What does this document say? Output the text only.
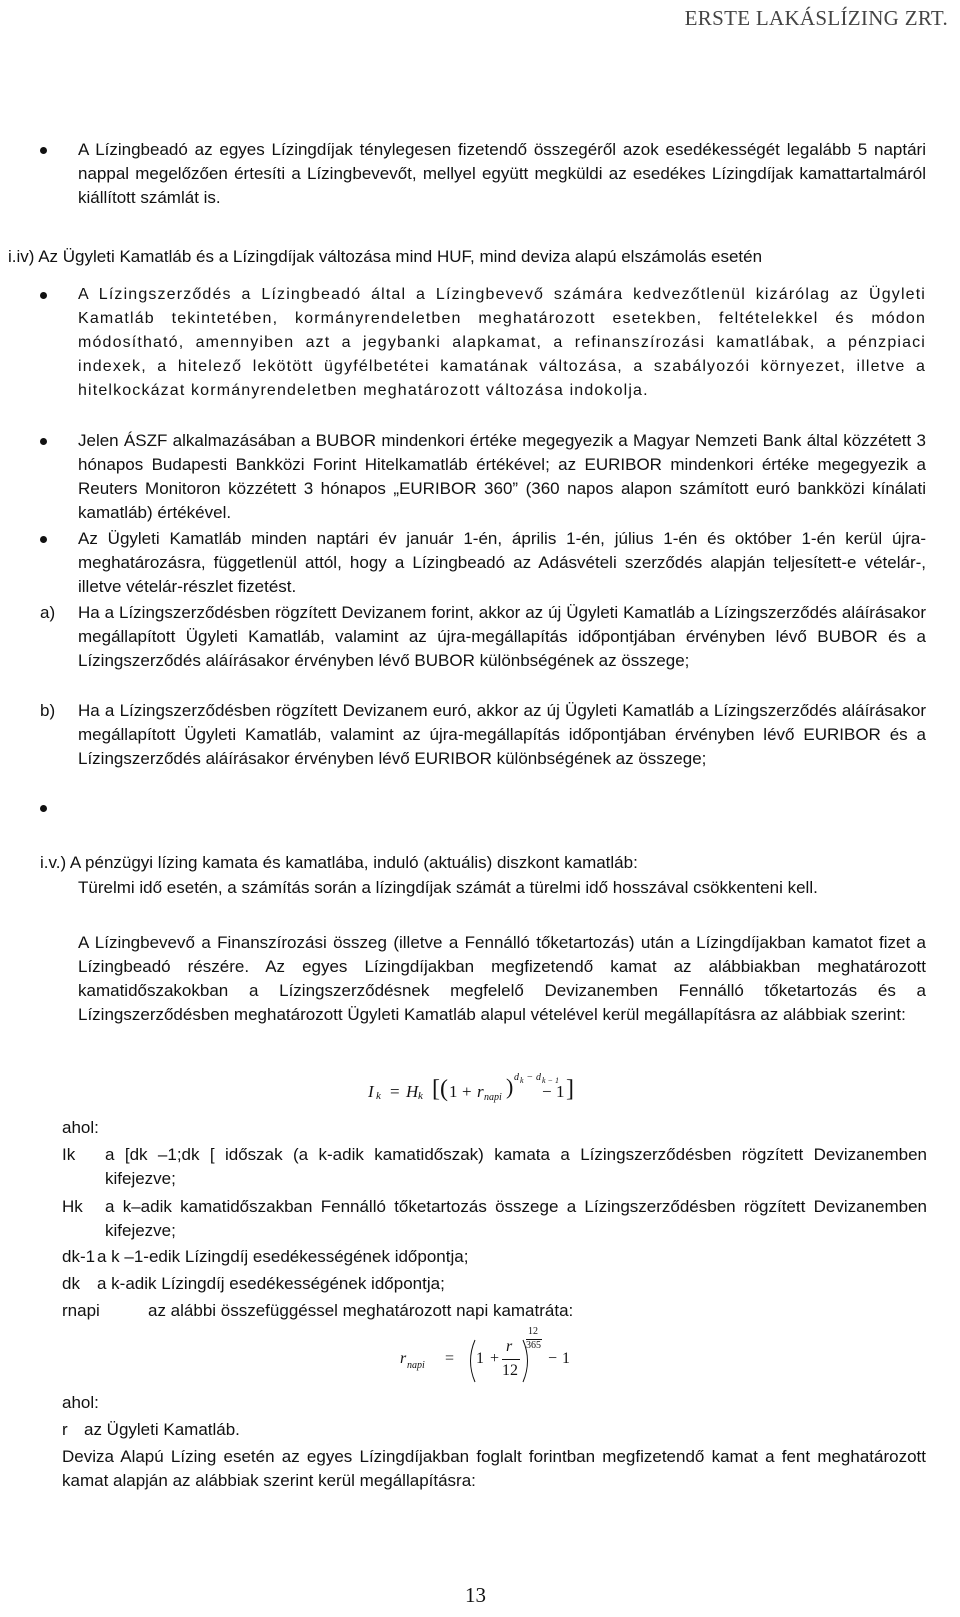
ERSTE LAKÁSLÍZING ZRT.
A Lízingbeadó az egyes Lízingdíjak ténylegesen fizetendő összegéről azok esedékességét legalább 5 naptári nappal megelőzően értesíti a Lízingbevevőt, mellyel együtt megküldi az esedékes Lízingdíjak kamattartalmáról kiállított számlát is.
i.iv) Az Ügyleti Kamatláb és a Lízingdíjak változása mind HUF, mind deviza alapú elszámolás esetén
A Lízingszerződés a Lízingbeadó által a Lízingbevevő számára kedvezőtlenül kizárólag az Ügyleti Kamatláb tekintetében, kormányrendeletben meghatározott esetekben, feltételekkel és módon módosítható, amennyiben azt a jegybanki alapkamat, a refinanszírozási kamatlábak, a pénzpiaci indexek, a hitelező lekötött ügyfélbetétei kamatának változása, a szabályozói környezet, illetve a hitelkockázat kormányrendeletben meghatározott változása indokolja.
Jelen ÁSZF alkalmazásában a BUBOR mindenkori értéke megegyezik a Magyar Nemzeti Bank által közzétett 3 hónapos Budapesti Bankközi Forint Hitelkamatláb értékével; az EURIBOR mindenkori értéke megegyezik a Reuters Monitoron közzétett 3 hónapos „EURIBOR 360” (360 napos alapon számított euró bankközi kínálati kamatláb) értékével.
Az Ügyleti Kamatláb minden naptári év január 1-én, április 1-én, július 1-én és október 1-én kerül újra-meghatározásra, függetlenül attól, hogy a Lízingbeadó az Adásvételi szerződés alapján teljesített-e vételár-, illetve vételár-részlet fizetést.
a) Ha a Lízingszerződésben rögzített Devizanem forint, akkor az új Ügyleti Kamatláb a Lízingszerződés aláírásakor megállapított Ügyleti Kamatláb, valamint az újra-megállapítás időpontjában érvényben lévő BUBOR és a Lízingszerződés aláírásakor érvényben lévő BUBOR különbségének az összege;
b) Ha a Lízingszerződésben rögzített Devizanem euró, akkor az új Ügyleti Kamatláb a Lízingszerződés aláírásakor megállapított Ügyleti Kamatláb, valamint az újra-megállapítás időpontjában érvényben lévő EURIBOR és a Lízingszerződés aláírásakor érvényben lévő EURIBOR különbségének az összege;
i.v.) A pénzügyi lízing kamata és kamatlába, induló (aktuális) diszkont kamatláb:
Türelmi idő esetén, a számítás során a lízingdíjak számát a türelmi idő hosszával csökkenteni kell.
A Lízingbevevő a Finanszírozási összeg (illetve a Fennálló tőketartozás) után a Lízingdíjakban kamatot fizet a Lízingbeadó részére. Az egyes Lízingdíjakban megfizetendő kamat az alábbiakban meghatározott kamatidőszakokban a Lízingszerződésnek megfelelő Devizanemben Fennálló tőketartozás és a Lízingszerződésben meghatározott Ügyleti Kamatláb alapul vételével kerül megállapításra az alábbiak szerint:
I k = H k [ ( 1 + r napi ) d k − d k − 1
− 1 ]
ahol:
Ik a [dk –1;dk [ időszak (a k-adik kamatidőszak) kamata a Lízingszerződésben rögzített Devizanemben kifejezve;
Hk a k–adik kamatidőszakban Fennálló tőketartozás összege a Lízingszerződésben rögzített Devizanemben kifejezve;
dk-1 a k –1-edik Lízingdíj esedékességének időpontja;
dk a k-adik Lízingdíj esedékességének időpontja;
rnapi	az alábbi összefüggéssel meghatározott napi kamatráta:
r napi = 1 +
r
12
12
365
− 1
ahol:
r az Ügyleti Kamatláb.
Deviza Alapú Lízing esetén az egyes Lízingdíjakban foglalt forintban megfizetendő kamat a fent meghatározott kamat alapján az alábbiak szerint kerül megállapításra:
13
